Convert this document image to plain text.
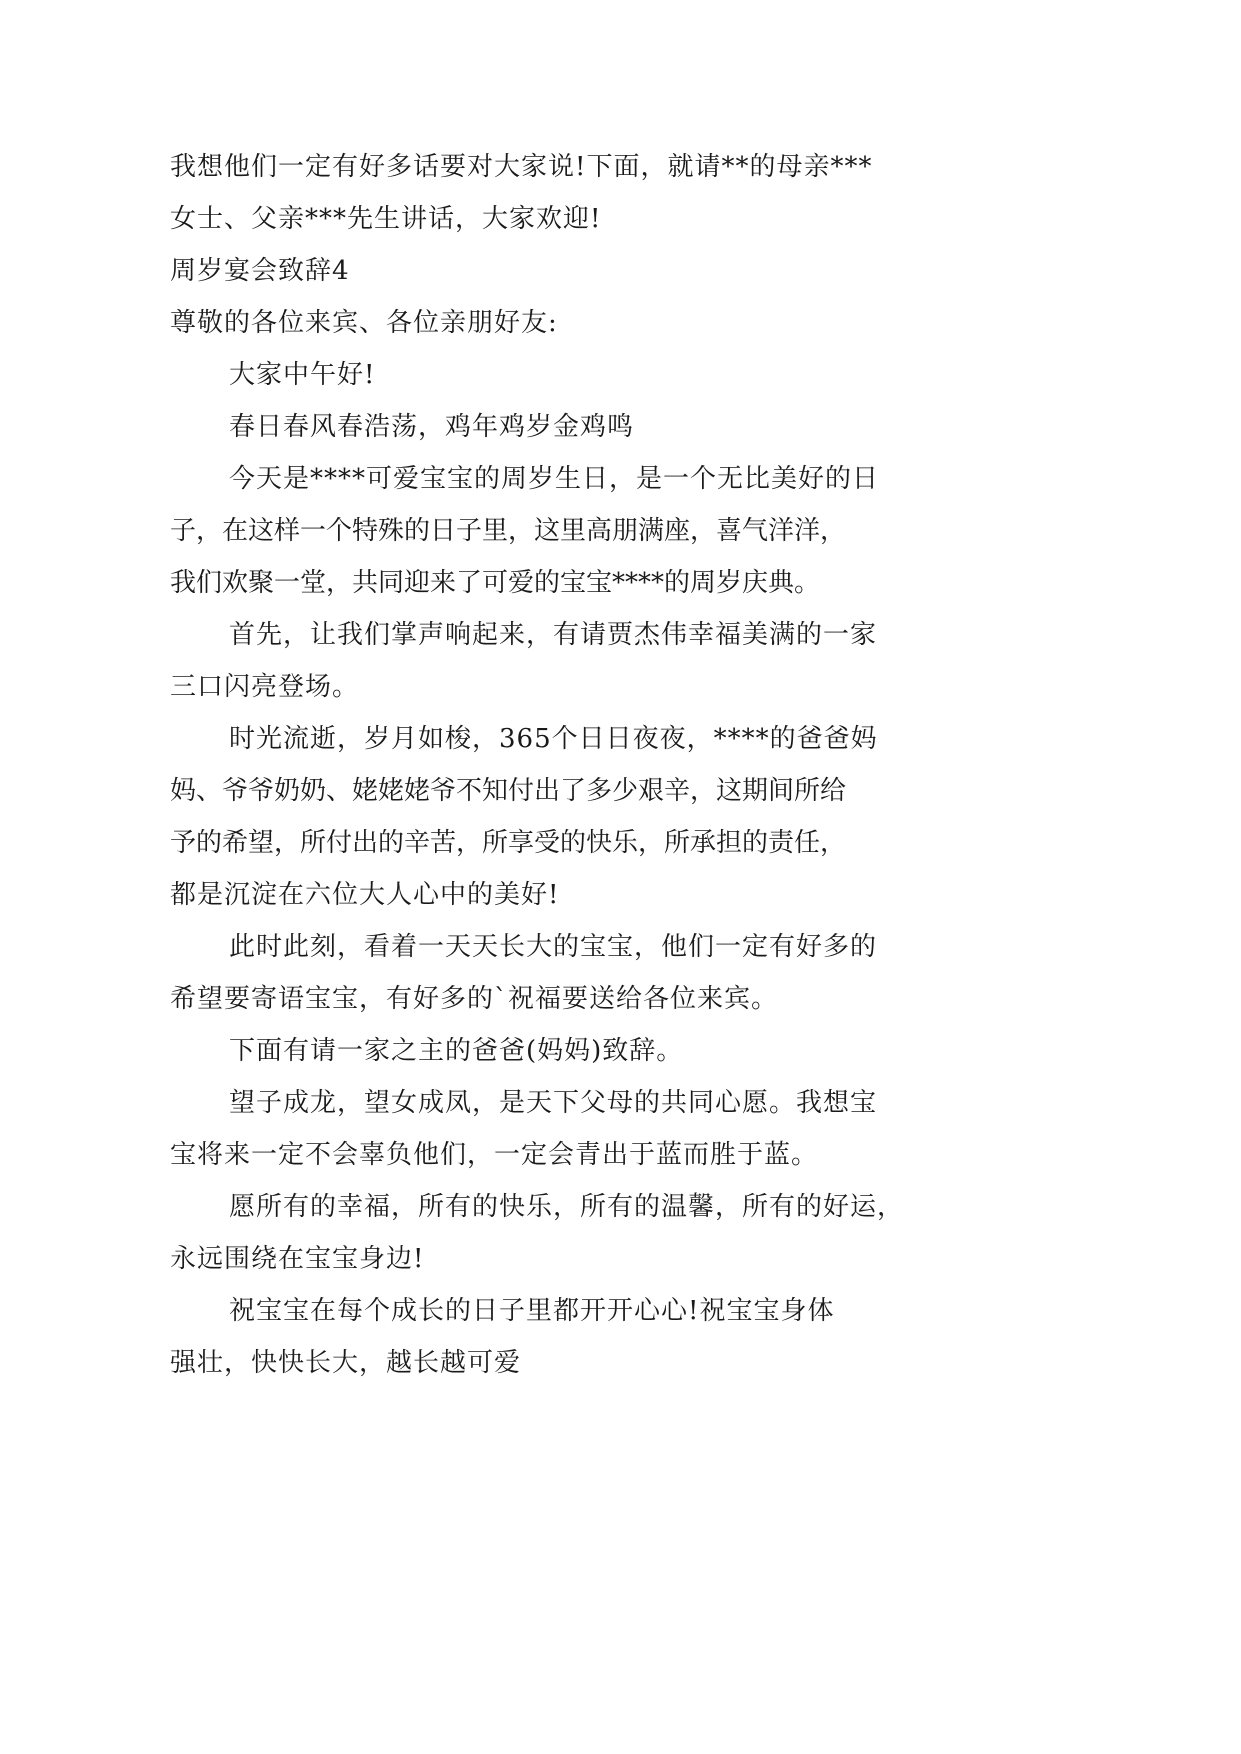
我想他们一定有好多话要对大家说!下面，就请**的母亲***
女士、父亲***先生讲话，大家欢迎!
周岁宴会致辞4
尊敬的各位来宾、各位亲朋好友:
大家中午好!
春日春风春浩荡，鸡年鸡岁金鸡鸣
今天是****可爱宝宝的周岁生日，是一个无比美好的日
子，在这样一个特殊的日子里，这里高朋满座，喜气洋洋，
我们欢聚一堂，共同迎来了可爱的宝宝****的周岁庆典。
首先，让我们掌声响起来，有请贾杰伟幸福美满的一家
三口闪亮登场。
时光流逝，岁月如梭，365个日日夜夜，****的爸爸妈
妈、爷爷奶奶、姥姥姥爷不知付出了多少艰辛，这期间所给
予的希望，所付出的辛苦，所享受的快乐，所承担的责任，
都是沉淀在六位大人心中的美好!
此时此刻，看着一天天长大的宝宝，他们一定有好多的
希望要寄语宝宝，有好多的`祝福要送给各位来宾。
下面有请一家之主的爸爸(妈妈)致辞。
望子成龙，望女成凤，是天下父母的共同心愿。我想宝
宝将来一定不会辜负他们，一定会青出于蓝而胜于蓝。
愿所有的幸福，所有的快乐，所有的温馨，所有的好运，
永远围绕在宝宝身边!
祝宝宝在每个成长的日子里都开开心心!祝宝宝身体
强壮，快快长大，越长越可爱
